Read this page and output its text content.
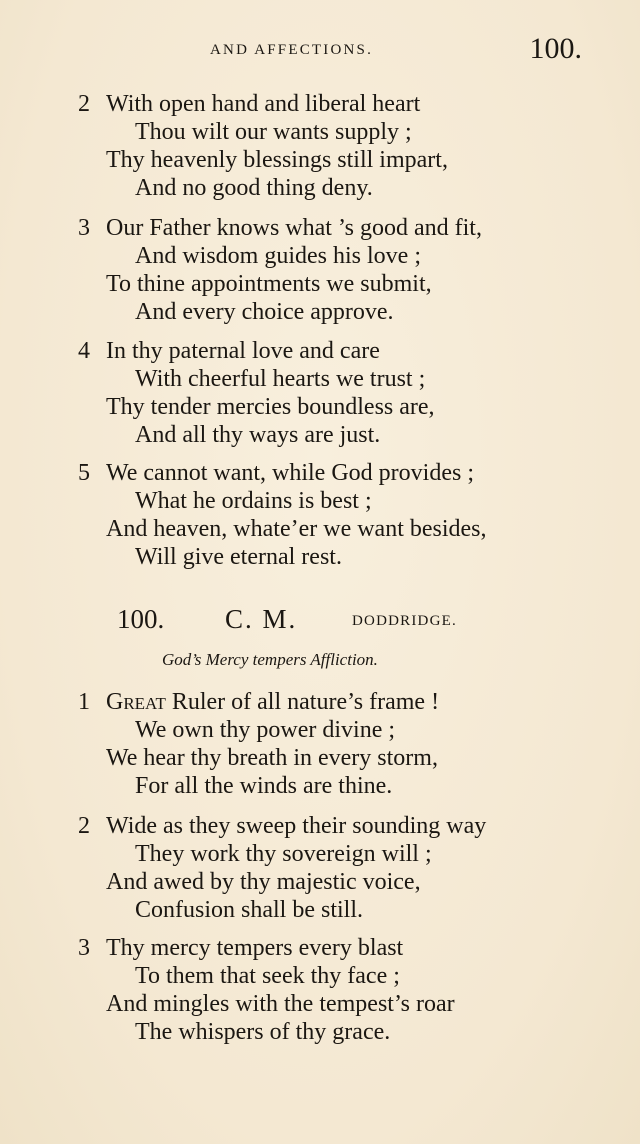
AND AFFECTIONS.	100.
2 With open hand and liberal heart
Thou wilt our wants supply ;
Thy heavenly blessings still impart,
And no good thing deny.
3 Our Father knows what ’s good and fit,
And wisdom guides his love ;
To thine appointments we submit,
And every choice approve.
4 In thy paternal love and care
With cheerful hearts we trust ;
Thy tender mercies boundless are,
And all thy ways are just.
5 We cannot want, while God provides ;
What he ordains is best ;
And heaven, whate’er we want besides,
Will give eternal rest.
100. C. M.	DODDRIDGE.
God’s Mercy tempers Affliction.
1 Great Ruler of all nature’s frame !
We own thy power divine ;
We hear thy breath in every storm,
For all the winds are thine.
2 Wide as they sweep their sounding way
They work thy sovereign will ;
And awed by thy majestic voice,
Confusion shall be still.
3 Thy mercy tempers every blast
To them that seek thy face ;
And mingles with the tempest’s roar
The whispers of thy grace.
